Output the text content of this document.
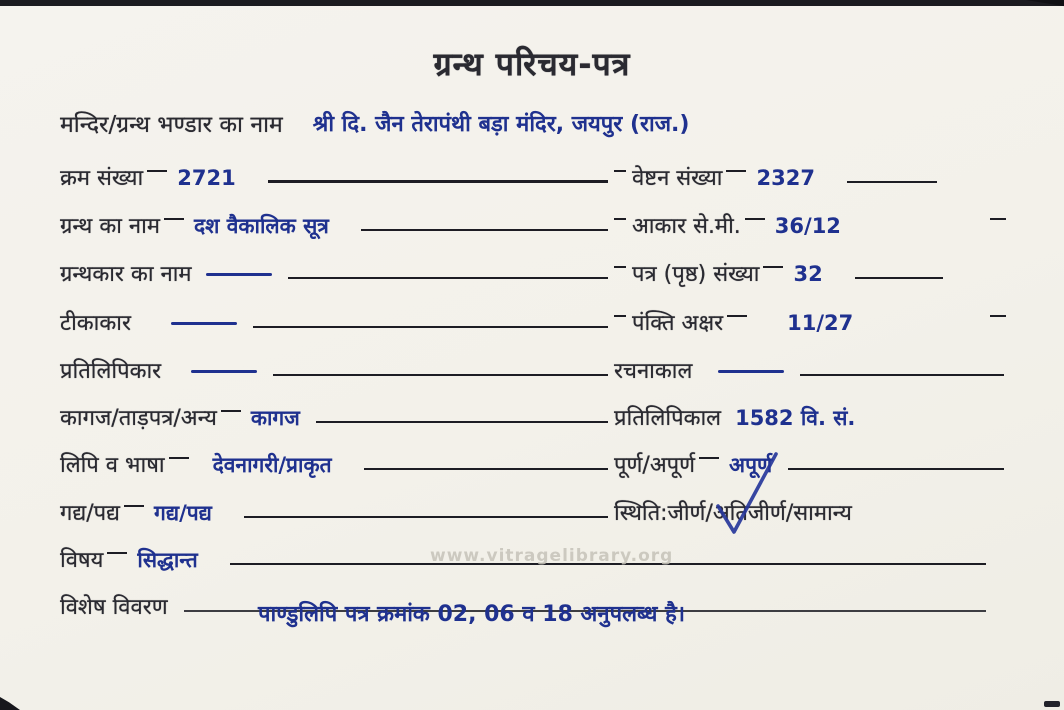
ग्रन्थ परिचय-पत्र
मन्दिर/ग्रन्थ भण्डार का नाम श्री दि. जैन तेरापंथी बड़ा मंदिर, जयपुर (राज.)
क्रम संख्या 2721	वेष्टन संख्या 2327
ग्रन्थ का नाम दश वैकालिक सूत्र	आकार से.मी. 36/12
ग्रन्थकार का नाम	पत्र (पृष्ठ) संख्या 32
टीकाकार	पंक्ति अक्षर	11/27
प्रतिलिपिकार	रचनाकाल
कागज/ताड़पत्र/अन्य कागज	प्रतिलिपिकाल 1582 वि. सं.
लिपि व भाषा देवनागरी/प्राकृत	पूर्ण/अपूर्ण अपूर्ण
गद्य/पद्य गद्य/पद्य	स्थिति:जीर्ण/अतिजीर्ण/सामान्य
विषय सिद्धान्त	www.vitragelibrary.org
विशेष विवरण	पाण्डुलिपि पत्र क्रमांक 02, 06 व 18 अनुपलब्ध है।
